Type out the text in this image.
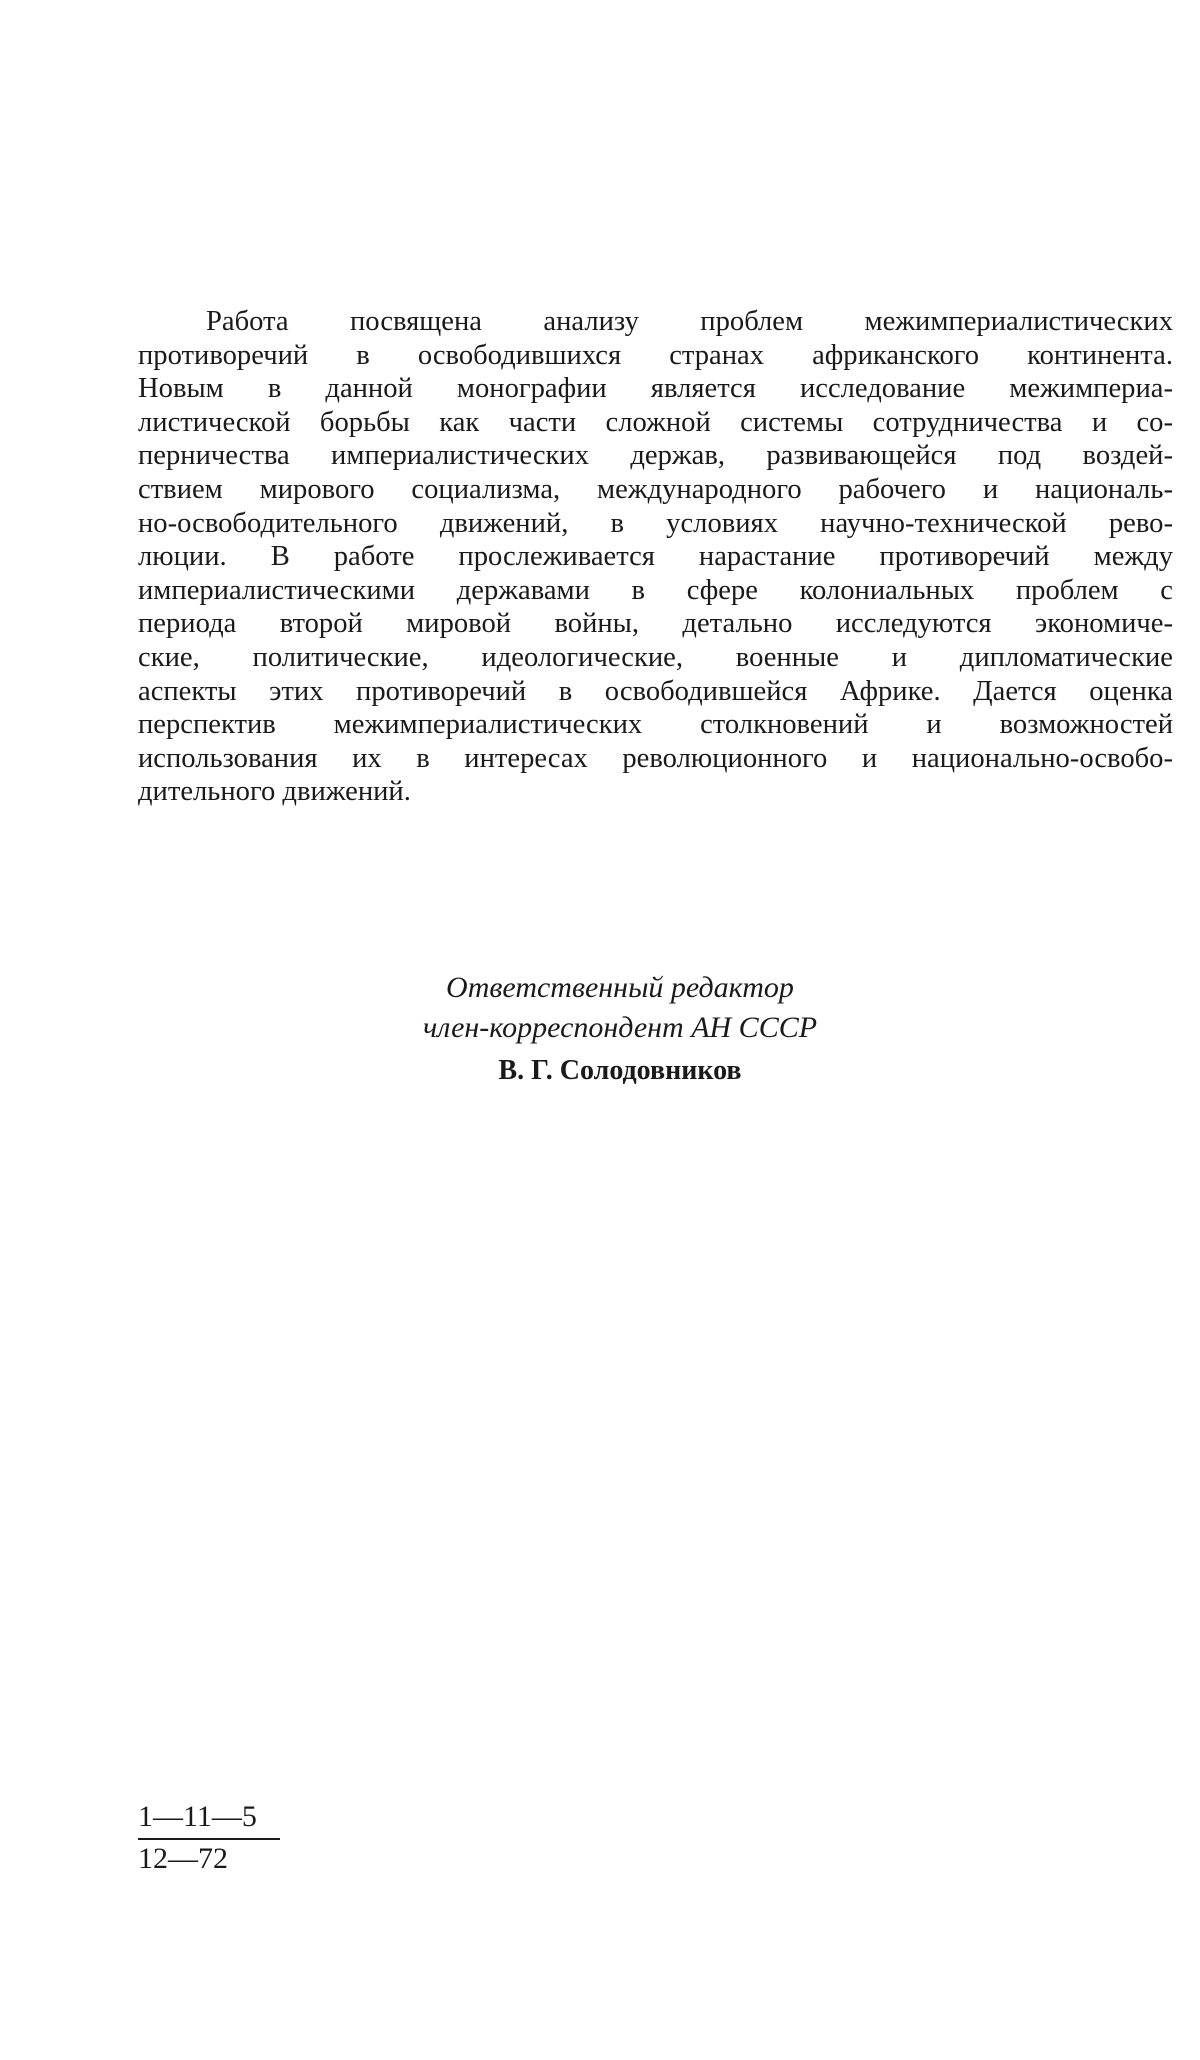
Работа посвящена анализу проблем межимпериалистических
противоречий в освободившихся странах африканского континента.
Новым в данной монографии является исследование межимпериа-
листической борьбы как части сложной системы сотрудничества и со-
перничества империалистических держав, развивающейся под воздей-
ствием мирового социализма, международного рабочего и националь-
но-освободительного движений, в условиях научно-технической рево-
люции. В работе прослеживается нарастание противоречий между
империалистическими державами в сфере колониальных проблем с
периода второй мировой войны, детально исследуются экономиче-
ские, политические, идеологические, военные и дипломатические
аспекты этих противоречий в освободившейся Африке. Дается оценка
перспектив межимпериалистических столкновений и возможностей
использования их в интересах революционного и национально-освобо-
дительного движений.
Ответственный редактор
член-корреспондент АН СССР
В. Г. Солодовников
1—11—5
12—72
